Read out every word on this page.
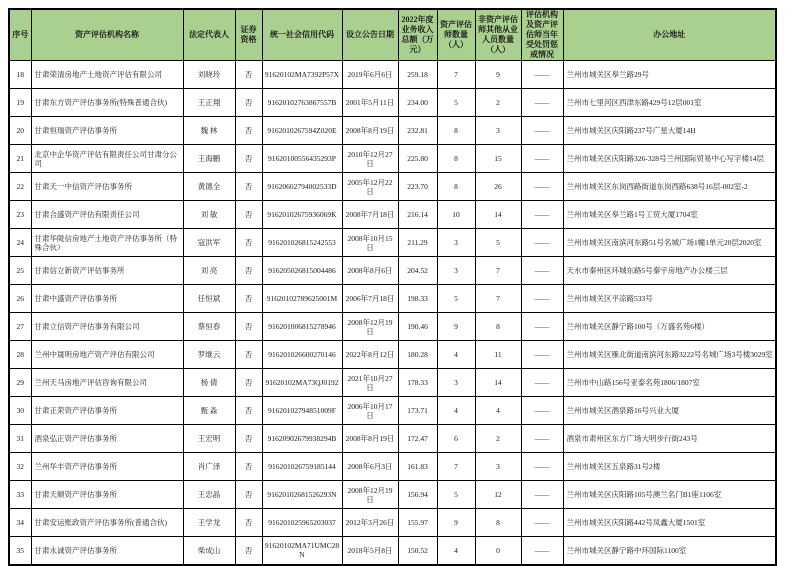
序号	资产评估机构名称	法定代表人	证券资格	统一社会信用代码	设立公告日期	2022年度业务收入总额（万元）	资产评估师数量（人）	非资产评估师其他从业人员数量（人）	评估机构及资产评估师当年受处罚惩戒情况	办公地址
18	甘肃荣清房地产土地资产评估有限公司	刘晓玲	否	91620102MA7392P57X	2019年6月6日	259.18	7	9	——	兰州市城关区皋兰路29号
19	甘肃东方资产评估事务所(特殊普通合伙)	王正翔	否	91620102763867557B	2001年5月11日	234.00	5	2	——	兰州市七里河区西津东路429号12层001室
20	甘肃恒瑞资产评估事务所	魏 林	否	9162010267594Z020E	2008年8月19日	232.81	8	3	——	兰州市城关区庆阳路237号广星大厦14H
21	北京中企华资产评估有限责任公司甘肃分公司	王海鹏	否	91620100556435293P	2010年12月27日	225.80	8	15	——	兰州市城关区庆阳路326-328号兰州国际贸易中心写字楼14层
22	甘肃天一中信资产评估事务所	黄德全	否	91620602794002533D	2005年12月22日	223.70	8	26	——	兰州市城关区东岗西路街道东岗西路638号16层-002室-2
23	甘肃合盛资产评估有限责任公司	刘 敏	否	91620102675936069K	2008年7月18日	216.14	10	14	——	兰州市城关区皋兰路1号工贸大厦1704室
24	甘肃华陇信房地产土地资产评估事务所（特殊合伙）	寇洪军	否	916201026815242553	2008年10月15日	211.29	3	5	——	兰州市城关区南滨河东路51号名城广场1幢1单元20层2020室
25	甘肃信立新资产评估事务所	刘 亮	否	916205026815004486	2008年8月6日	204.52	3	7	——	天水市秦州区环城东路5号秦宇房地产办公楼三层
26	甘肃中盛资产评估事务所	任恒斌	否	91620102789625001M	2006年7月18日	198.33	5	7	——	兰州市城关区平凉路533号
27	甘肃立信资产评估事务有限公司	蔡恒春	否	916201006815278946	2008年12月19日	190.46	9	8	——	兰州市城关区静宁路100号（万盛名苑6楼）
28	兰州中晟明房地产资产评估有限公司	罗继云	否	916201026600270146	2022年8月12日	180.28	4	11	——	兰州市城关区雁北街道南滨河东路3222号名城广场3号楼3029室
29	兰州天马房地产评估咨询有限公司	杨 倩	否	91620102MA73QJ0192	2021年10月27日	178.33	3	14	——	兰州市中山路156号亚泰名苑1806/1807室
30	甘肃正荣资产评估事务所	甄 淼	否	91620102794851009F	2006年10月17日	173.71	4	4	——	兰州市城关区酒泉路16号兴业大厦
31	酒泉弘正资产评估事务所	王宏明	否	91620902679938294B	2008年8月19日	172.47	6	2	——	酒泉市肃州区东方广场大明步行街243号
32	兰州华丰资产评估事务所	肖广泽	否	916201026759185144	2008年6月3日	161.83	7	3	——	兰州市城关区五泉路31号2楼
33	甘肃天顺资产评估事务所	王忠晶	否	91620102681526293N	2008年12月19日	156.94	5	12	——	兰州市城关区庆阳路105号澳兰名门B1座1106室
34	甘肃安运账政资产评估事务所(普通合伙)	王学龙	否	916201025965203037	2012年3月26日	155.97	9	8	——	兰州市城关区庆阳路442号凤鑫大厦1501室
35	甘肃永诚资产评估事务所	柴成山	否	91620102MA71UMC28N	2018年5月8日	150.52	4	0	——	兰州市城关区静宁路中环国际1100室
